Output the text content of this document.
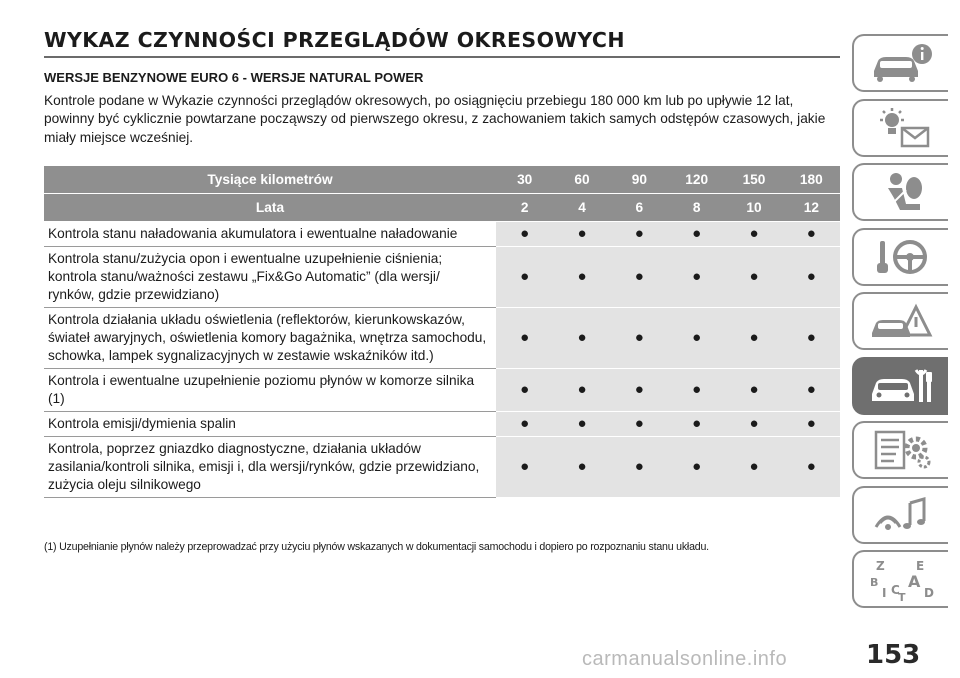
WYKAZ CZYNNOŚCI PRZEGLĄDÓW OKRESOWYCH
WERSJE BENZYNOWE EURO 6 - WERSJE NATURAL POWER
Kontrole podane w Wykazie czynności przeglądów okresowych, po osiągnięciu przebiegu 180 000 km lub po upływie 12 lat, powinny być cyklicznie powtarzane począwszy od pierwszego okresu, z zachowaniem takich samych odstępów czasowych, jakie miały miejsce wcześniej.
Tysiące kilometrów	30	60	90	120	150	180
Lata	2	4	6	8	10	12
Kontrola stanu naładowania akumulatora i ewentualne naładowanie	●	●	●	●	●	●
Kontrola stanu/zużycia opon i ewentualne uzupełnienie ciśnienia; kontrola stanu/ważności zestawu „Fix&Go Automatic” (dla wersji/ rynków, gdzie przewidziano)	●	●	●	●	●	●
Kontrola działania układu oświetlenia (reflektorów, kierunkowskazów, świateł awaryjnych, oświetlenia komory bagażnika, wnętrza samochodu, schowka, lampek sygnalizacyjnych w zestawie wskaźników itd.)	●	●	●	●	●	●
Kontrola i ewentualne uzupełnienie poziomu płynów w komorze silnika (1)	●	●	●	●	●	●
Kontrola emisji/dymienia spalin	●	●	●	●	●	●
Kontrola, poprzez gniazdko diagnostyczne, działania układów zasilania/kontroli silnika, emisji i, dla wersji/rynków, gdzie przewidziano, zużycia oleju silnikowego	●	●	●	●	●	●
(1) Uzupełnianie płynów należy przeprowadzać przy użyciu płynów wskazanych w dokumentacji samochodu i dopiero po rozpoznaniu stanu układu.
Z	E
B A
I C D
T
153
carmanualsonline.info
